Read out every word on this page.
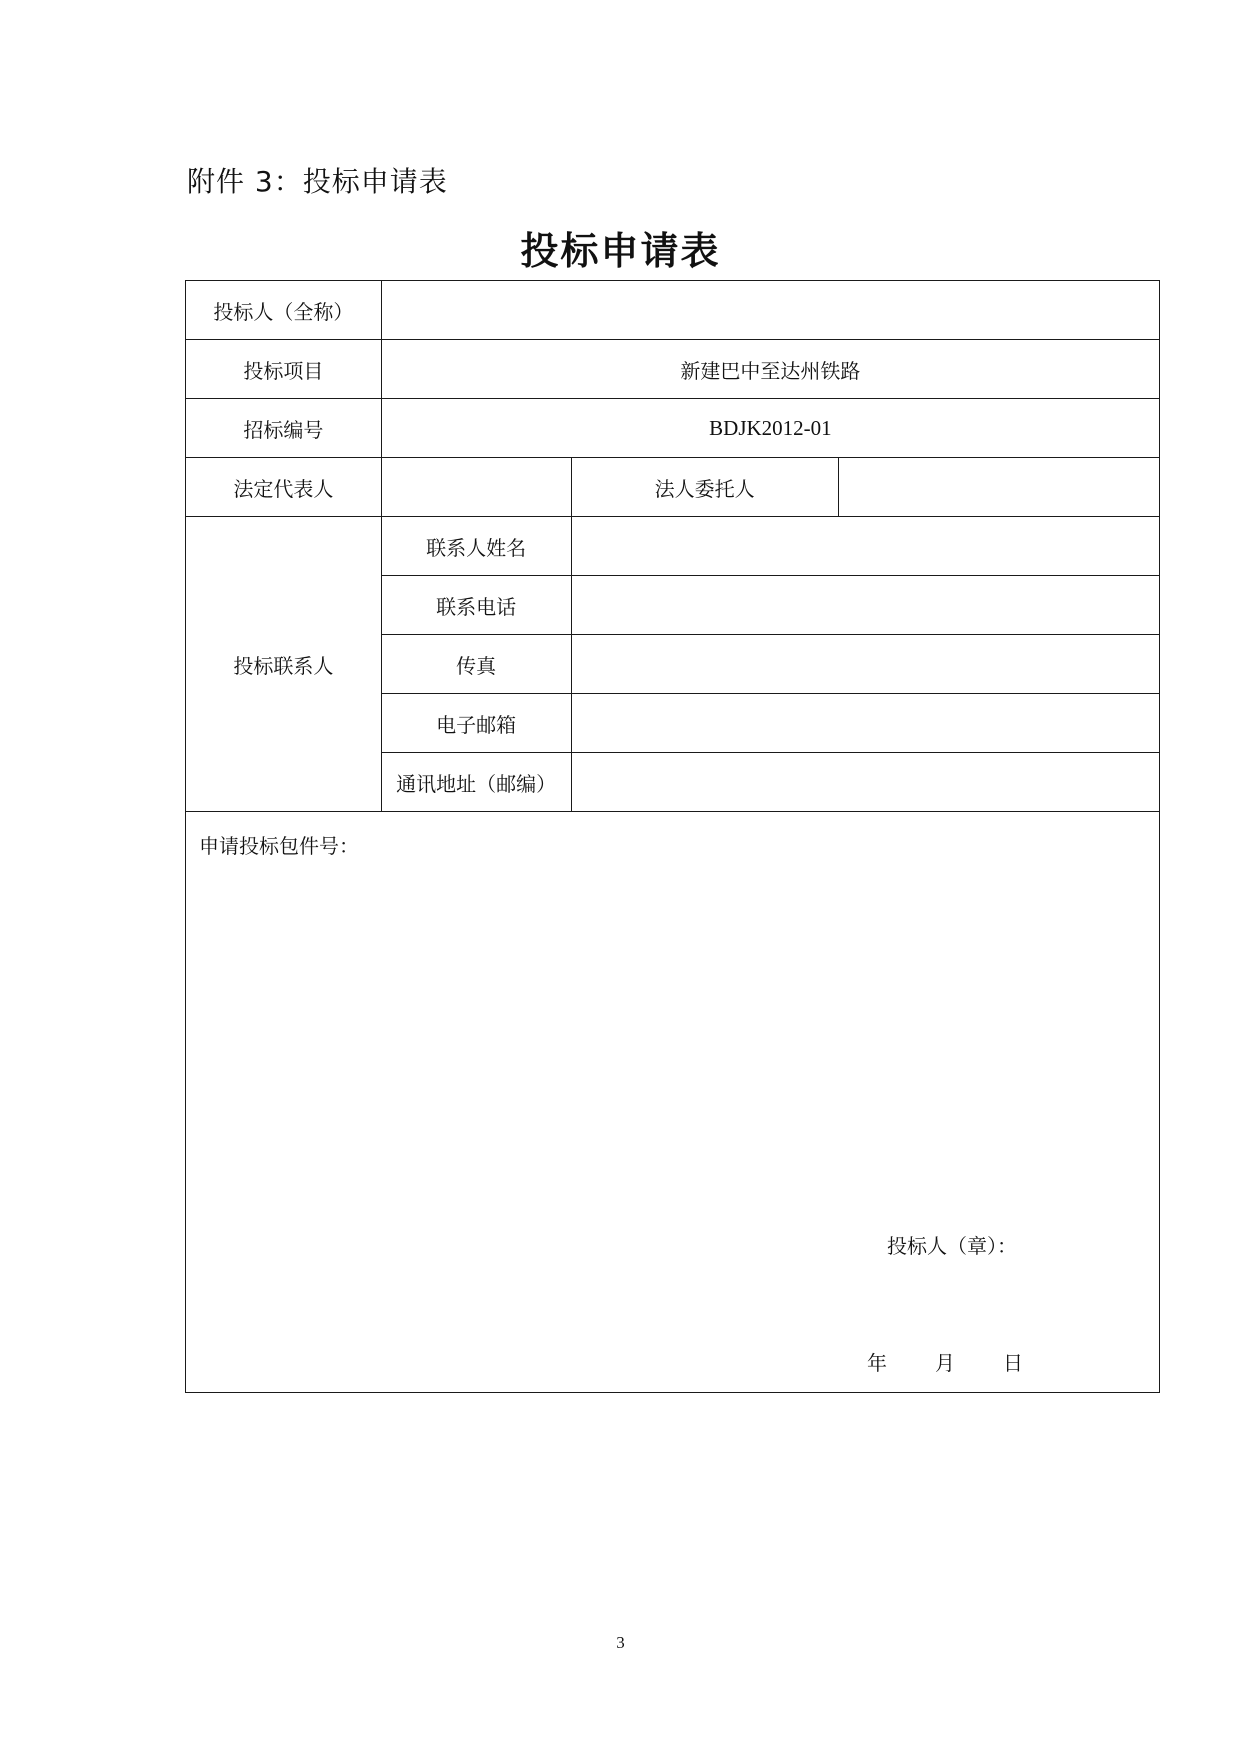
附件 3：投标申请表
投标申请表
投标人（全称）			
投标项目	新建巴中至达州铁路		
招标编号	BDJK2012-01		
法定代表人		法人委托人	
投标联系人	联系人姓名		
	联系电话		
	传真		
	电子邮箱		
	通讯地址（邮编）		

申请投标包件号：
投标人（章）：
年 月 日			
3
